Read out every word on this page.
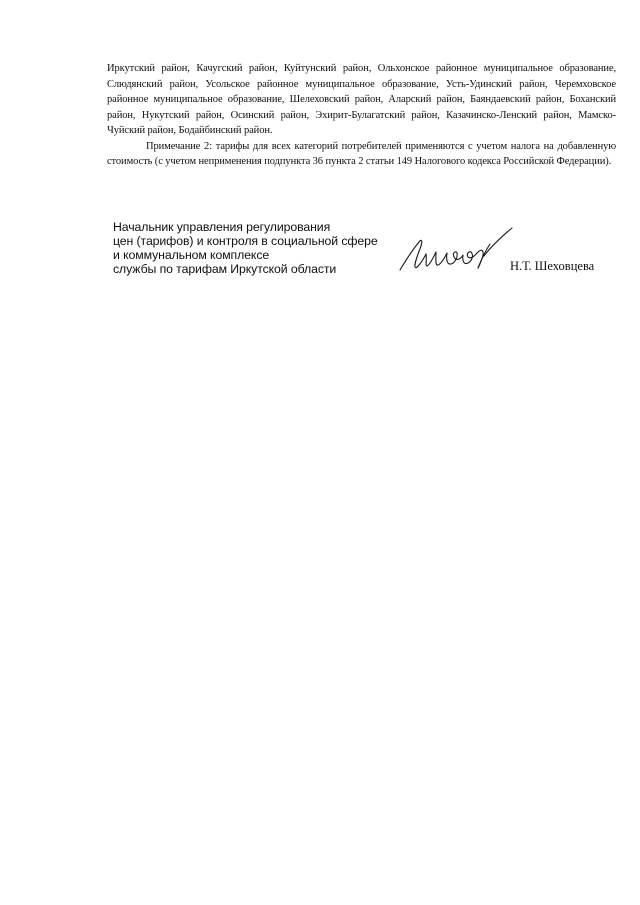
Иркутский район, Качугский район, Куйтунский район, Ольхонское районное муниципальное образование, Слюдянский район, Усольское районное муниципальное образование, Усть-Удинский район, Черемховское районное муниципальное образование, Шелеховский район, Аларский район, Баяндаевский район, Боханский район, Нукутский район, Осинский район, Эхирит-Булагатский район, Казачинско-Ленский район, Мамско-Чуйский район, Бодайбинский район.

Примечание 2: тарифы для всех категорий потребителей применяются с учетом налога на добавленную стоимость (с учетом неприменения подпункта 36 пункта 2 статьи 149 Налогового кодекса Российской Федерации).

Начальник управления регулирования
цен (тарифов) и контроля в социальной сфере
и коммунальном комплексе
службы по тарифам Иркутской области	Н.Т. Шеховцева
